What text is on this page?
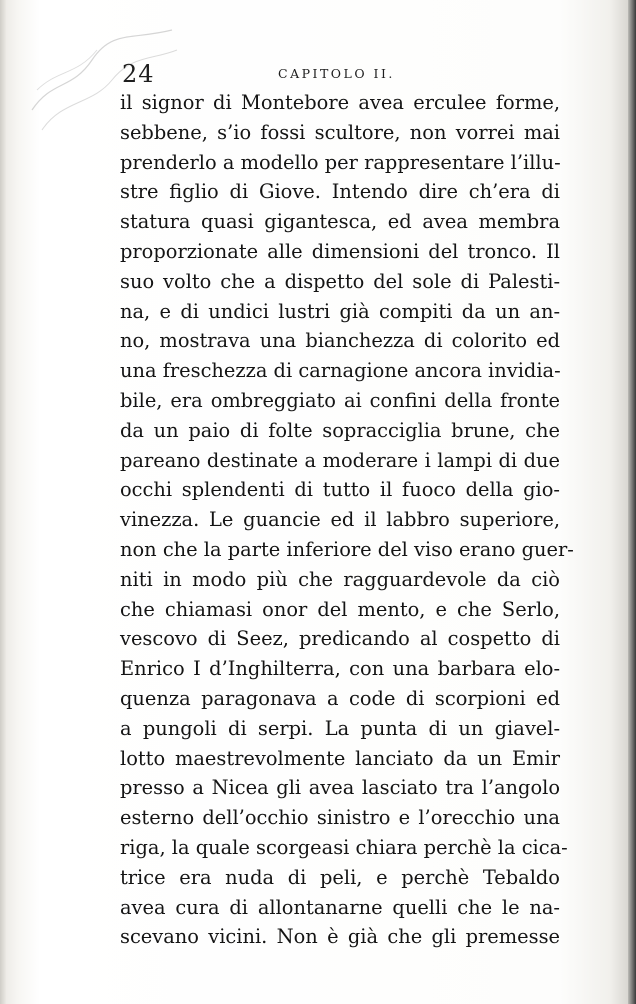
24	CAPITOLO II.
il signor di Montebore avea erculee forme,
sebbene, s’io fossi scultore, non vorrei mai
prenderlo a modello per rappresentare l’illu-
stre figlio di Giove. Intendo dire ch’era di
statura quasi gigantesca, ed avea membra
proporzionate alle dimensioni del tronco. Il
suo volto che a dispetto del sole di Palesti-
na, e di undici lustri già compiti da un an-
no, mostrava una bianchezza di colorito ed
una freschezza di carnagione ancora invidia-
bile, era ombreggiato ai confini della fronte
da un paio di folte sopracciglia brune, che
pareano destinate a moderare i lampi di due
occhi splendenti di tutto il fuoco della gio-
vinezza. Le guancie ed il labbro superiore,
non che la parte inferiore del viso erano guer-
niti in modo più che ragguardevole da ciò
che chiamasi onor del mento, e che Serlo,
vescovo di Seez, predicando al cospetto di
Enrico I d’Inghilterra, con una barbara elo-
quenza paragonava a code di scorpioni ed
a pungoli di serpi. La punta di un giavel-
lotto maestrevolmente lanciato da un Emir
presso a Nicea gli avea lasciato tra l’angolo
esterno dell’occhio sinistro e l’orecchio una
riga, la quale scorgeasi chiara perchè la cica-
trice era nuda di peli, e perchè Tebaldo
avea cura di allontanarne quelli che le na-
scevano vicini. Non è già che gli premesse
